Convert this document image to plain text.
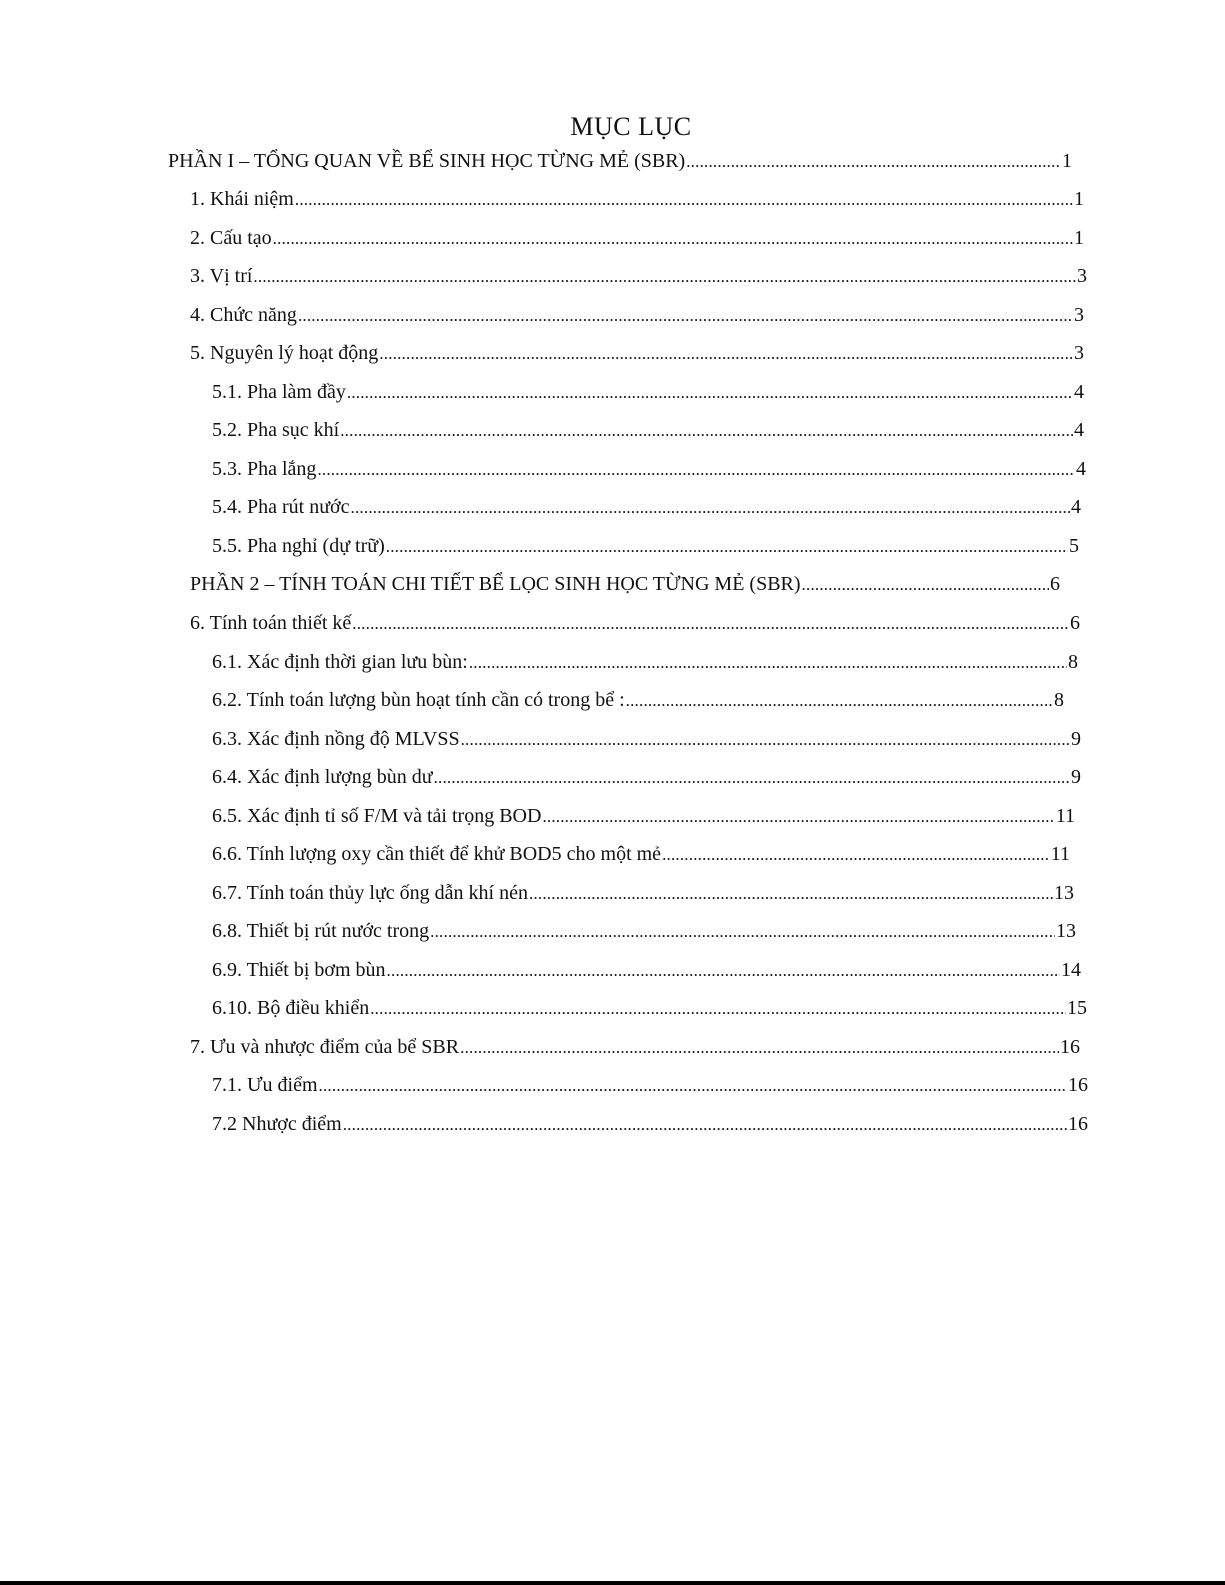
MỤC LỤC
PHẦN I – TỔNG QUAN VỀ BỂ SINH HỌC TỪNG MẺ (SBR) .....	1
1. Khái niệm .....	1
2. Cấu tạo .....	1
3. Vị trí .....	3
4. Chức năng .....	3
5. Nguyên lý hoạt động .....	3
5.1. Pha làm đầy .....	4
5.2. Pha sục khí .....	4
5.3. Pha lắng .....	4
5.4. Pha rút nước .....	4
5.5. Pha nghỉ (dự trữ) .....	5
PHẦN 2 – TÍNH TOÁN CHI TIẾT BỂ LỌC SINH HỌC TỪNG MẺ (SBR) .....	6
6. Tính toán thiết kế .....	6
6.1. Xác định thời gian lưu bùn: .....	8
6.2. Tính toán lượng bùn hoạt tính cần có trong bể : .....	8
6.3. Xác định nồng độ MLVSS .....	9
6.4. Xác định lượng bùn dư .....	9
6.5. Xác định tỉ số F/M và tải trọng BOD .....	11
6.6. Tính lượng oxy cần thiết để khử BOD5 cho một mẻ .....	11
6.7. Tính toán thủy lực ống dẫn khí nén .....	13
6.8. Thiết bị rút nước trong .....	13
6.9. Thiết bị bơm bùn .....	14
6.10. Bộ điều khiển .....	15
7. Ưu và nhược điểm của bể SBR .....	16
7.1. Ưu điểm .....	16
7.2 Nhược điểm .....	16
